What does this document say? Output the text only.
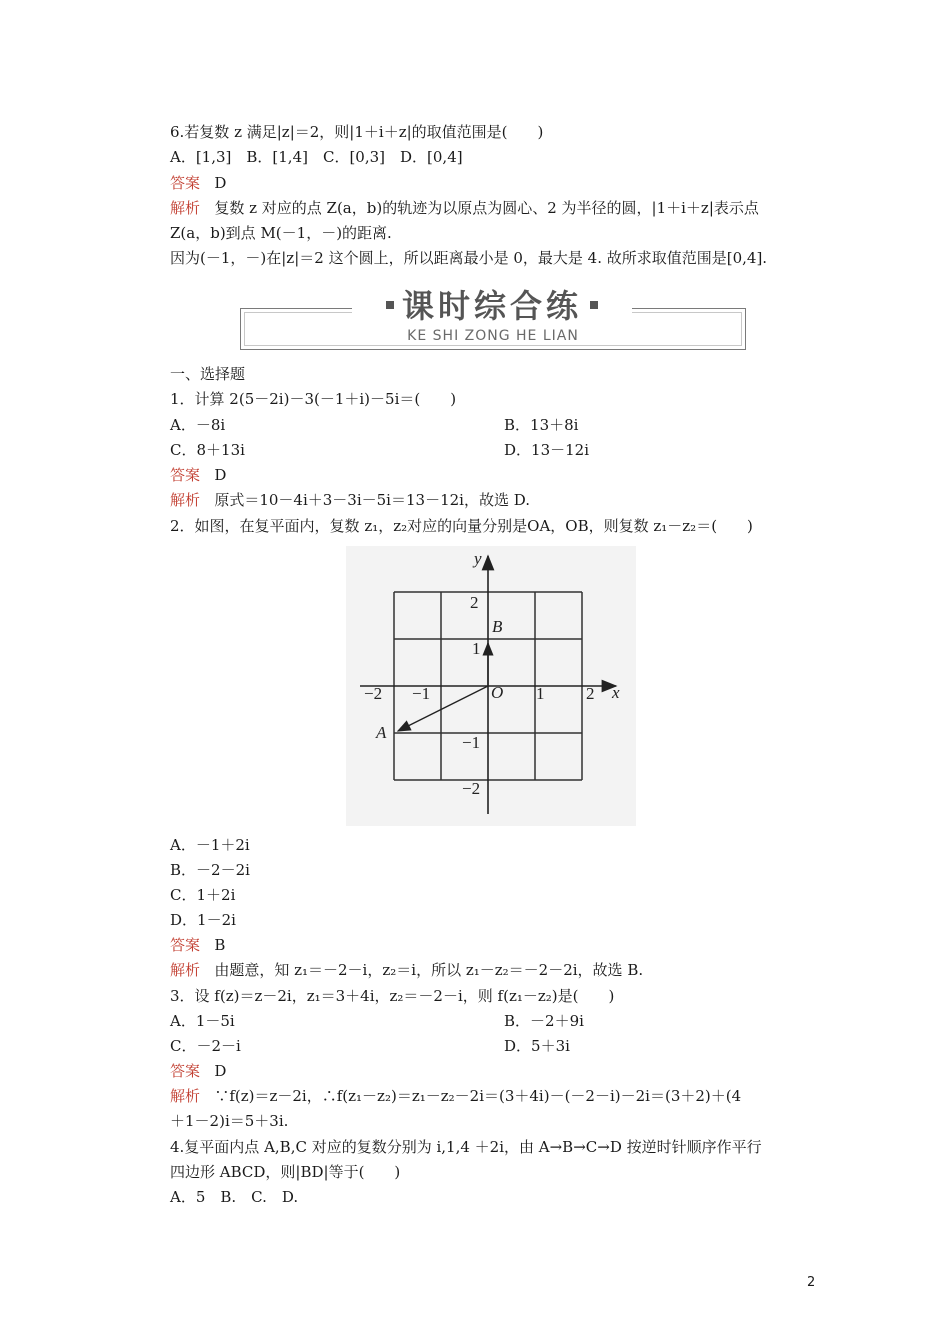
6.若复数 z 满足|z|＝2，则|1＋i＋z|的取值范围是(　　)
A．[1,3]　B．[1,4]　C．[0,3]　D．[0,4]
答案 D
解析 复数 z 对应的点 Z(a，b)的轨迹为以原点为圆心、2 为半径的圆，|1＋i＋z|表示点
Z(a，b)到点 M(－1，－)的距离.
因为(－1，－)在|z|＝2 这个圆上，所以距离最小是 0，最大是 4. 故所求取值范围是[0,4].
课时综合练
KE SHI ZONG HE LIAN
一、选择题
1．计算 2(5－2i)－3(－1＋i)－5i＝(　　)
A．－8i	B．13＋8i
C．8＋13i	D．13－12i
答案 D
解析 原式＝10－4i＋3－3i－5i＝13－12i，故选 D.
2．如图，在复平面内，复数 z₁，z₂对应的向量分别是OA，OB，则复数 z₁－z₂＝(　　)
y
x
O
A
B
−2 −1	1 2
2
1
−1
−2
A．－1＋2i
B．－2－2i
C．1＋2i
D．1－2i
答案 B
解析 由题意，知 z₁＝－2－i，z₂＝i，所以 z₁－z₂＝－2－2i，故选 B.
3．设 f(z)＝z－2i，z₁＝3＋4i，z₂＝－2－i，则 f(z₁－z₂)是(　　)
A．1－5i	B．－2＋9i
C．－2－i	D．5＋3i
答案 D
解析 ∵f(z)＝z－2i，∴f(z₁－z₂)＝z₁－z₂－2i＝(3＋4i)－(－2－i)－2i＝(3＋2)＋(4
＋1－2)i＝5＋3i.
4.复平面内点 A,B,C 对应的复数分别为 i,1,4 ＋2i，由 A→B→C→D 按逆时针顺序作平行
四边形 ABCD，则|BD|等于(　　)
A．5　B.　C.　D.
2
